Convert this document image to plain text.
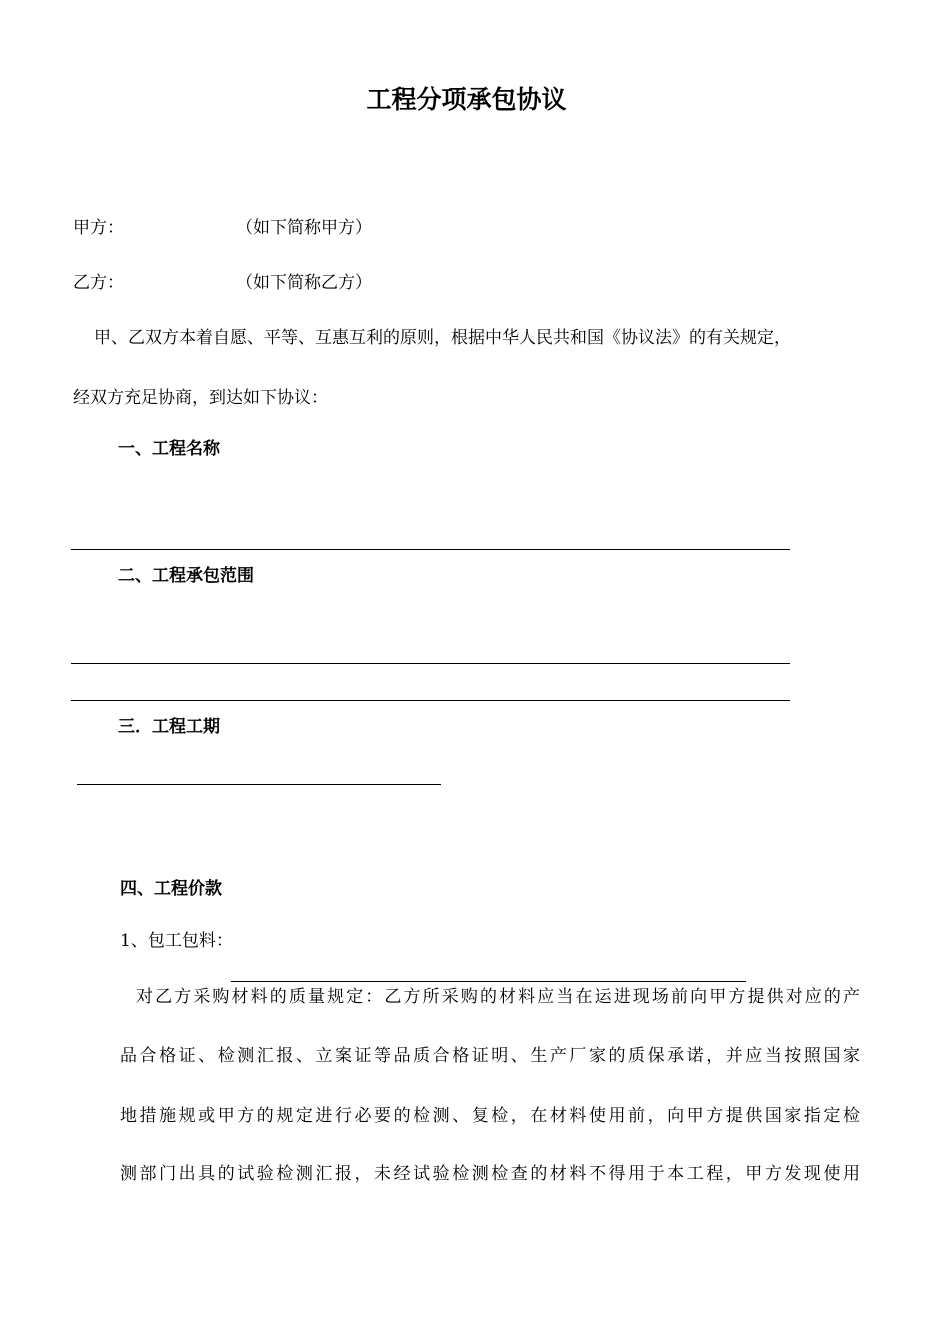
工程分项承包协议
甲方：	（如下简称甲方）
乙方：	（如下简称乙方）
甲、乙双方本着自愿、平等、互惠互利的原则，根据中华人民共和国《协议法》的有关规定，
经双方充足协商，到达如下协议：
一、工程名称
二、工程承包范围
三．工程工期
四、工程价款
1、包工包料：
对乙方采购材料的质量规定：乙方所采购的材料应当在运进现场前向甲方提供对应的产
品合格证、检测汇报、立案证等品质合格证明、生产厂家的质保承诺，并应当按照国家
地措施规或甲方的规定进行必要的检测、复检，在材料使用前，向甲方提供国家指定检
测部门出具的试验检测汇报，未经试验检测检查的材料不得用于本工程，甲方发现使用
